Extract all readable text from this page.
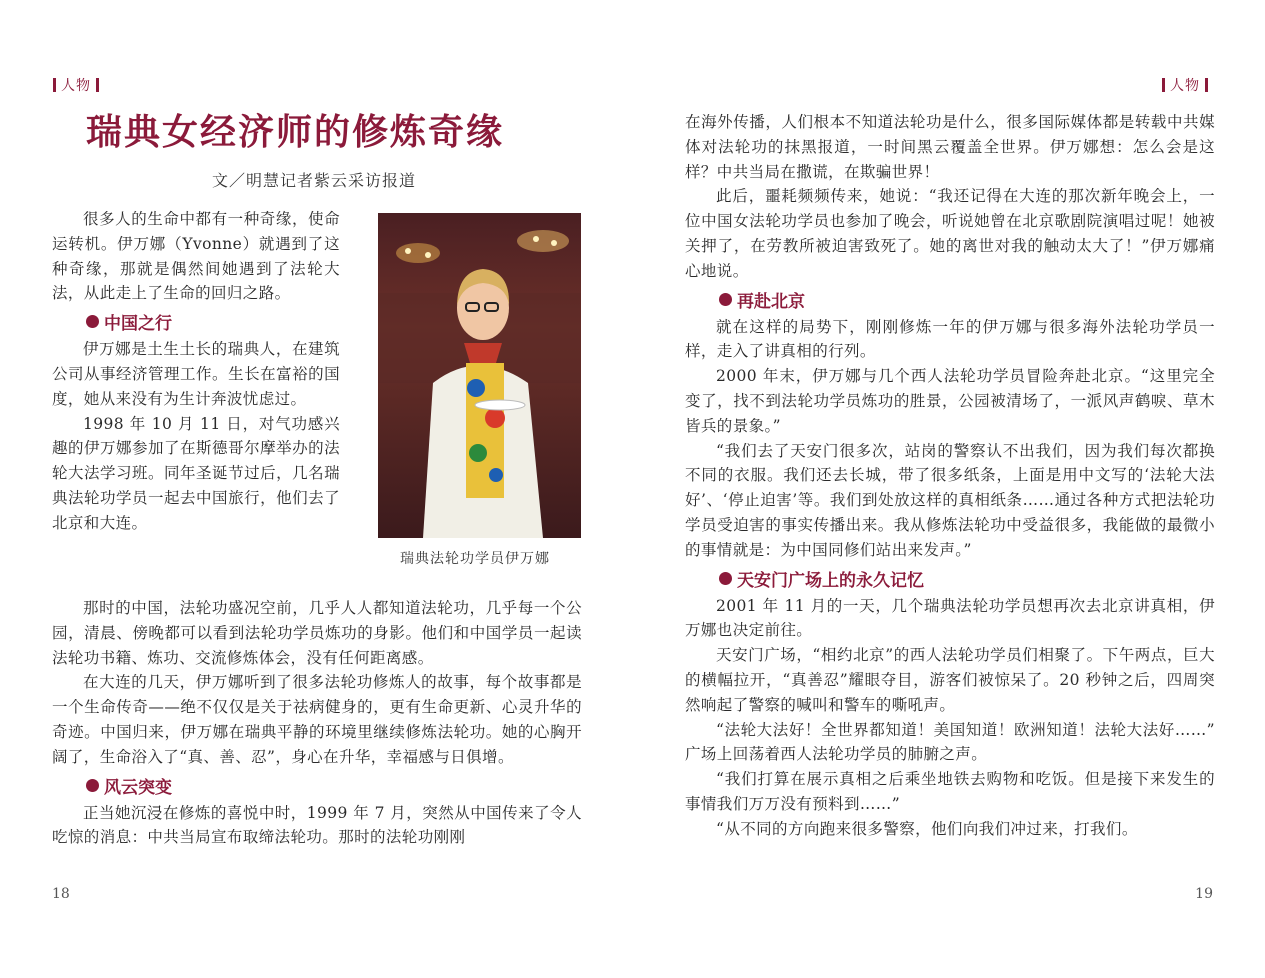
人物
瑞典女经济师的修炼奇缘
文／明慧记者紫云采访报道

很多人的生命中都有一种奇缘，使命运转机。伊万娜（Yvonne）就遇到了这种奇缘，那就是偶然间她遇到了法轮大法，从此走上了生命的回归之路。

中国之行

伊万娜是土生土长的瑞典人，在建筑公司从事经济管理工作。生长在富裕的国度，她从来没有为生计奔波忧虑过。

1998 年 10 月 11 日，对气功感兴趣的伊万娜参加了在斯德哥尔摩举办的法轮大法学习班。同年圣诞节过后，几名瑞典法轮功学员一起去中国旅行，他们去了北京和大连。

瑞典法轮功学员伊万娜

那时的中国，法轮功盛况空前，几乎人人都知道法轮功，几乎每一个公园，清晨、傍晚都可以看到法轮功学员炼功的身影。他们和中国学员一起读法轮功书籍、炼功、交流修炼体会，没有任何距离感。

在大连的几天，伊万娜听到了很多法轮功修炼人的故事，每个故事都是一个生命传奇——绝不仅仅是关于祛病健身的，更有生命更新、心灵升华的奇迹。中国归来，伊万娜在瑞典平静的环境里继续修炼法轮功。她的心胸开阔了，生命浴入了“真、善、忍”，身心在升华，幸福感与日俱增。

风云突变

正当她沉浸在修炼的喜悦中时，1999 年 7 月，突然从中国传来了令人吃惊的消息：中共当局宣布取缔法轮功。那时的法轮功刚刚

18
人物

在海外传播，人们根本不知道法轮功是什么，很多国际媒体都是转载中共媒体对法轮功的抹黑报道，一时间黑云覆盖全世界。伊万娜想：怎么会是这样？中共当局在撒谎，在欺骗世界！

此后，噩耗频频传来，她说：“我还记得在大连的那次新年晚会上，一位中国女法轮功学员也参加了晚会，听说她曾在北京歌剧院演唱过呢！她被关押了，在劳教所被迫害致死了。她的离世对我的触动太大了！”伊万娜痛心地说。

再赴北京

就在这样的局势下，刚刚修炼一年的伊万娜与很多海外法轮功学员一样，走入了讲真相的行列。

2000 年末，伊万娜与几个西人法轮功学员冒险奔赴北京。“这里完全变了，找不到法轮功学员炼功的胜景，公园被清场了，一派风声鹤唳、草木皆兵的景象。”

“我们去了天安门很多次，站岗的警察认不出我们，因为我们每次都换不同的衣服。我们还去长城，带了很多纸条，上面是用中文写的‘法轮大法好’、‘停止迫害’等。我们到处放这样的真相纸条……通过各种方式把法轮功学员受迫害的事实传播出来。我从修炼法轮功中受益很多，我能做的最微小的事情就是：为中国同修们站出来发声。”

天安门广场上的永久记忆

2001 年 11 月的一天，几个瑞典法轮功学员想再次去北京讲真相，伊万娜也决定前往。

天安门广场，“相约北京”的西人法轮功学员们相聚了。下午两点，巨大的横幅拉开，“真善忍”耀眼夺目，游客们被惊呆了。20 秒钟之后，四周突然响起了警察的喊叫和警车的嘶吼声。

“法轮大法好！全世界都知道！美国知道！欧洲知道！法轮大法好……” 广场上回荡着西人法轮功学员的肺腑之声。

“我们打算在展示真相之后乘坐地铁去购物和吃饭。但是接下来发生的事情我们万万没有预料到……”

“从不同的方向跑来很多警察，他们向我们冲过来，打我们。

19
